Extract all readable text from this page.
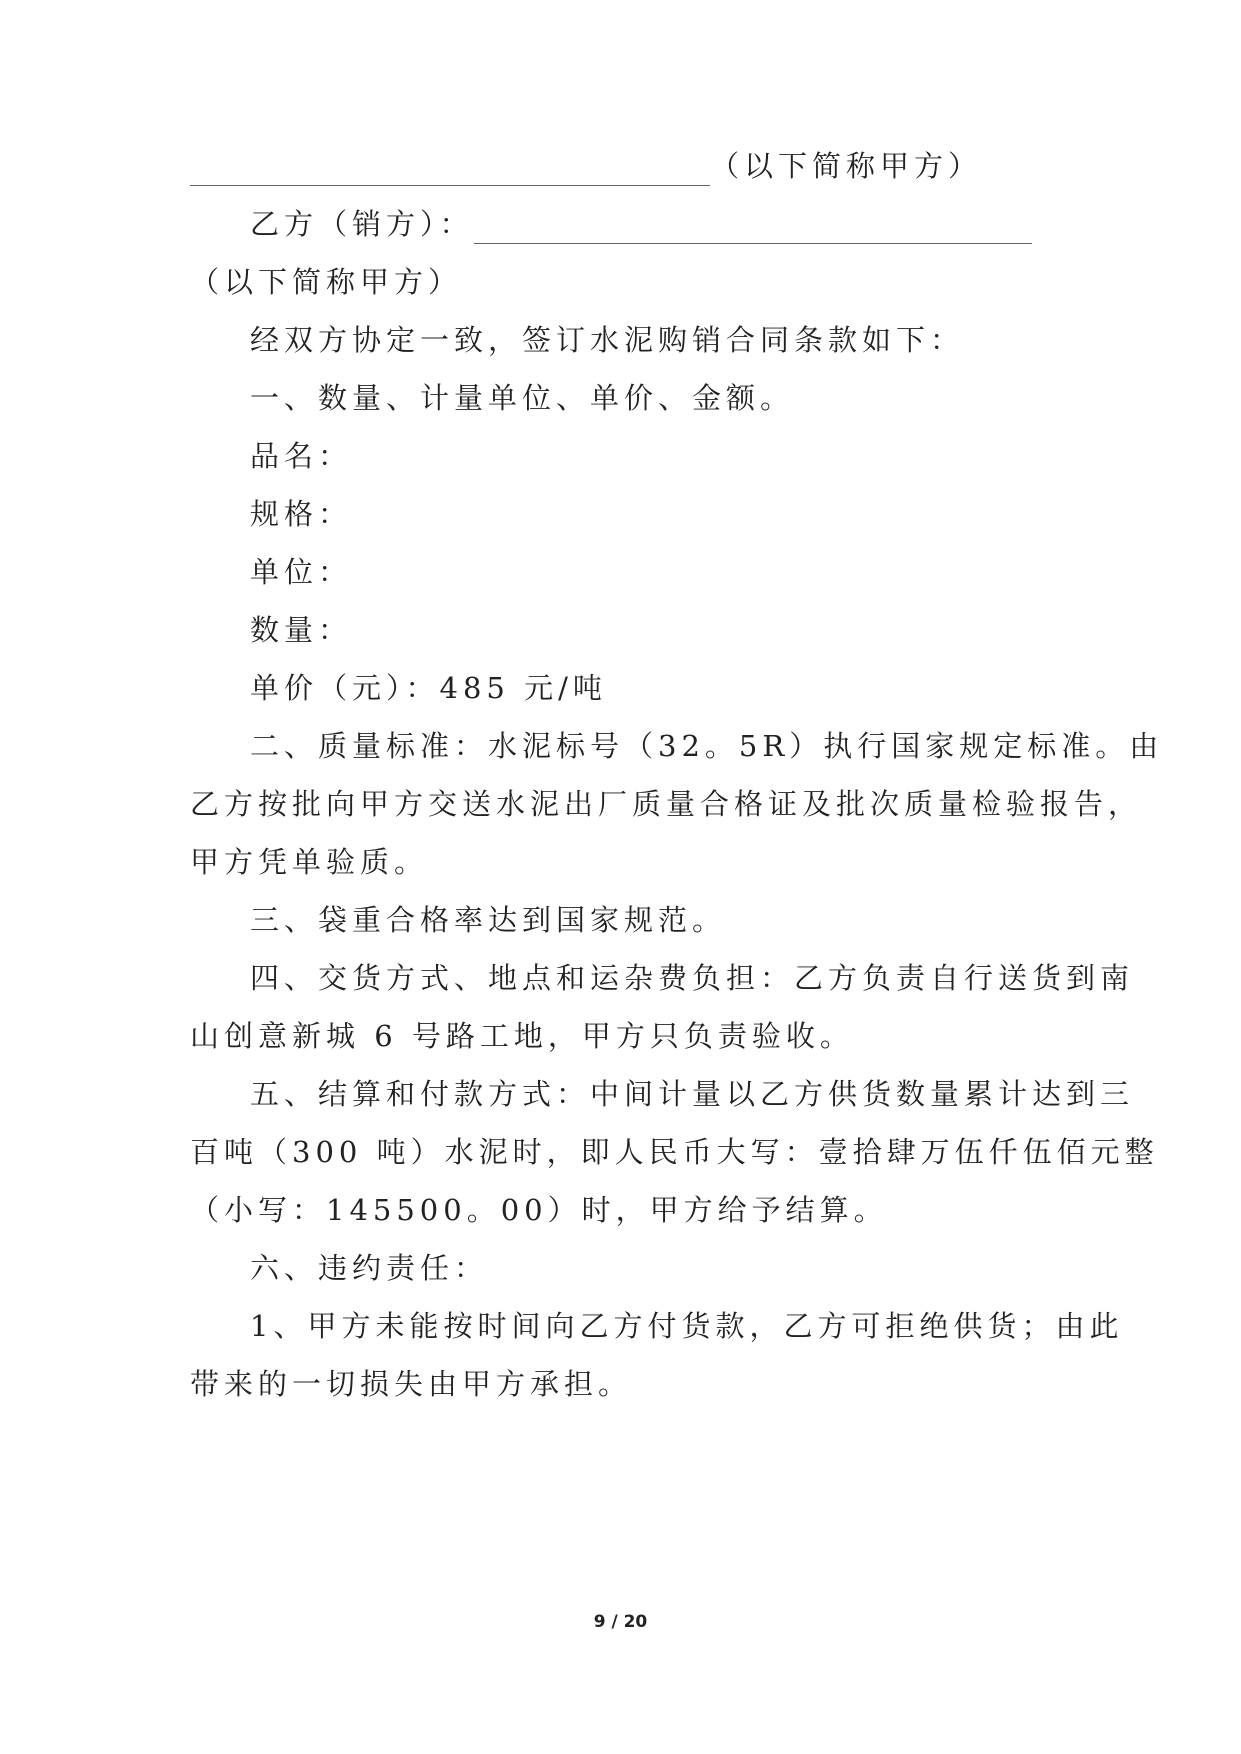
（以下简称甲方）
乙方（销方）：
（以下简称甲方）
经双方协定一致，签订水泥购销合同条款如下：
一、数量、计量单位、单价、金额。
品名：
规格：
单位：
数量：
单价（元）：485 元/吨
二、质量标准：水泥标号（32。5R）执行国家规定标准。由
乙方按批向甲方交送水泥出厂质量合格证及批次质量检验报告，
甲方凭单验质。
三、袋重合格率达到国家规范。
四、交货方式、地点和运杂费负担：乙方负责自行送货到南
山创意新城 6 号路工地，甲方只负责验收。
五、结算和付款方式：中间计量以乙方供货数量累计达到三
百吨（300 吨）水泥时，即人民币大写：壹拾肆万伍仟伍佰元整
（小写：145500。00）时，甲方给予结算。
六、违约责任：
1、甲方未能按时间向乙方付货款，乙方可拒绝供货；由此
带来的一切损失由甲方承担。
9 / 20
